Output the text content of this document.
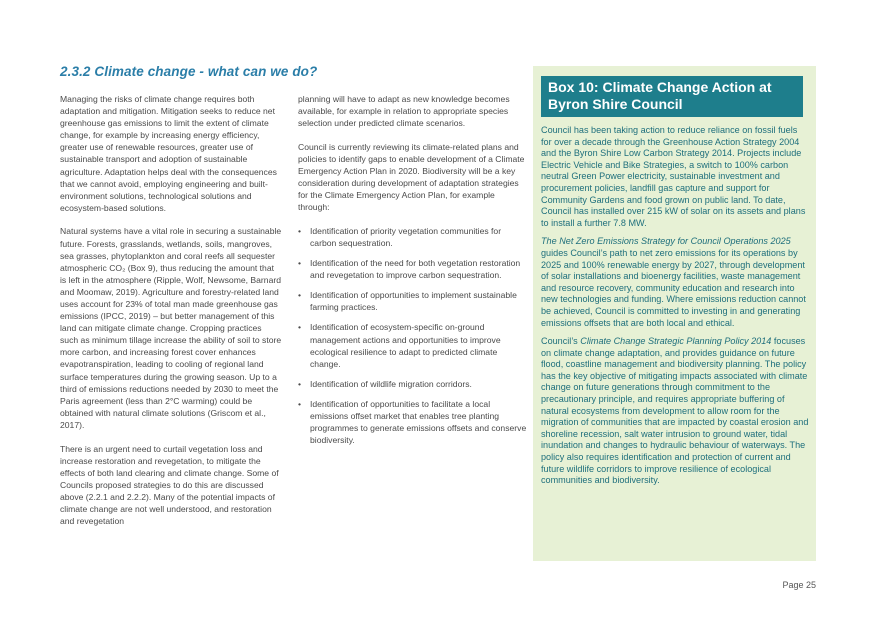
2.3.2 Climate change - what can we do?

Managing the risks of climate change requires both adaptation and mitigation. Mitigation seeks to reduce net greenhouse gas emissions to limit the extent of climate change, for example by increasing energy efficiency, greater use of renewable resources, greater use of sustainable transport and adoption of sustainable agriculture. Adaptation helps deal with the consequences that we cannot avoid, employing engineering and built-environment solutions, technological solutions and ecosystem-based solutions.

Natural systems have a vital role in securing a sustainable future. Forests, grasslands, wetlands, soils, mangroves, sea grasses, phytoplankton and coral reefs all sequester atmospheric CO₂ (Box 9), thus reducing the amount that is left in the atmosphere (Ripple, Wolf, Newsome, Barnard and Moomaw, 2019). Agriculture and forestry-related land uses account for 23% of total man made greenhouse gas emissions (IPCC, 2019) – but better management of this land can mitigate climate change. Cropping practices such as minimum tillage increase the ability of soil to store more carbon, and increasing forest cover enhances evapotranspiration, leading to cooling of regional land surface temperatures during the growing season. Up to a third of emissions reductions needed by 2030 to meet the Paris agreement (less than 2°C warming) could be obtained with natural climate solutions (Griscom et al., 2017).

There is an urgent need to curtail vegetation loss and increase restoration and revegetation, to mitigate the effects of both land clearing and climate change. Some of Councils proposed strategies to do this are discussed above (2.2.1 and 2.2.2). Many of the potential impacts of climate change are not well understood, and restoration and revegetation

planning will have to adapt as new knowledge becomes available, for example in relation to appropriate species selection under predicted climate scenarios.

Council is currently reviewing its climate-related plans and policies to identify gaps to enable development of a Climate Emergency Action Plan in 2020. Biodiversity will be a key consideration during development of adaptation strategies for the Climate Emergency Action Plan, for example through:

• Identification of priority vegetation communities for carbon sequestration.
• Identification of the need for both vegetation restoration and revegetation to improve carbon sequestration.
• Identification of opportunities to implement sustainable farming practices.
• Identification of ecosystem-specific on-ground management actions and opportunities to improve ecological resilience to adapt to predicted climate change.
• Identification of wildlife migration corridors.
• Identification of opportunities to facilitate a local emissions offset market that enables tree planting programmes to generate emissions offsets and conserve biodiversity.
Box 10: Climate Change Action at Byron Shire Council

Council has been taking action to reduce reliance on fossil fuels for over a decade through the Greenhouse Action Strategy 2004 and the Byron Shire Low Carbon Strategy 2014. Projects include Electric Vehicle and Bike Strategies, a switch to 100% carbon neutral Green Power electricity, sustainable investment and procurement policies, landfill gas capture and support for Community Gardens and food grown on public land. To date, Council has installed over 215 kW of solar on its assets and plans to install a further 7.8 MW.

The Net Zero Emissions Strategy for Council Operations 2025 guides Council’s path to net zero emissions for its operations by 2025 and 100% renewable energy by 2027, through development of solar installations and bioenergy facilities, waste management and resource recovery, community education and research into new technologies and funding. Where emissions reduction cannot be achieved, Council is committed to investing in and generating emissions offsets that are both local and ethical.

Council’s Climate Change Strategic Planning Policy 2014 focuses on climate change adaptation, and provides guidance on future flood, coastline management and biodiversity planning. The policy has the key objective of mitigating impacts associated with climate change on future generations through commitment to the precautionary principle, and requires appropriate buffering of natural ecosystems from development to allow room for the migration of communities that are impacted by coastal erosion and shoreline recession, salt water intrusion to ground water, tidal inundation and changes to hydraulic behaviour of waterways. The policy also requires identification and protection of current and future wildlife corridors to improve resilience of ecological communities and biodiversity.

Page 25
